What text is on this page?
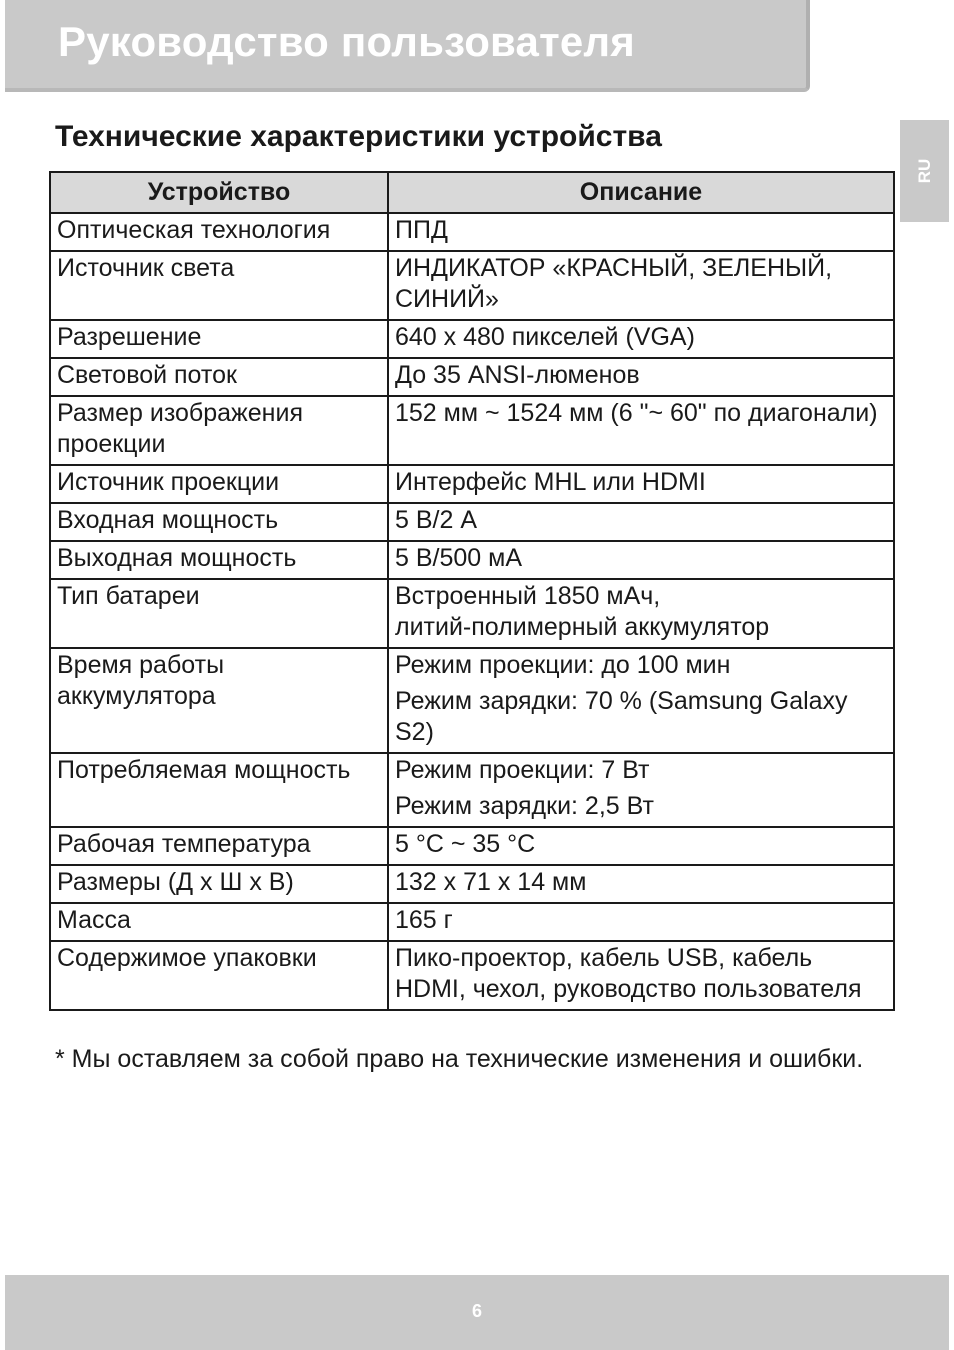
Руководство пользователя
RU
Технические характеристики устройства
Устройство	Описание
Оптическая технология	ППД

Источник света	ИНДИКАТОР «КРАСНЫЙ, ЗЕЛЕНЫЙ, СИНИЙ»

Разрешение	640 x 480 пикселей (VGA)

Световой поток	До 35 ANSI-люменов

Размер изображения проекции	152 мм ~ 1524 мм (6 "~ 60" по диагонали)

Источник проекции	Интерфейс MHL или HDMI

Входная мощность	5 В/2 А

Выходная мощность	5 В/500 мА

Тип батареи	Встроенный 1850 мАч,
литий-полимерный аккумулятор

Время работы аккумулятора	Режим проекции: до 100 мин
Режим зарядки: 70 % (Samsung Galaxy S2)

Потребляемая мощность	Режим проекции: 7 Вт
Режим зарядки: 2,5 Вт

Рабочая температура	5 °C ~ 35 °C

Размеры (Д x Ш x В)	132 x 71 x 14 мм

Масса	165 г

Содержимое упаковки	Пико-проектор, кабель USB, кабель HDMI, чехол, руководство пользователя
* Мы оставляем за собой право на технические изменения и ошибки.
6
